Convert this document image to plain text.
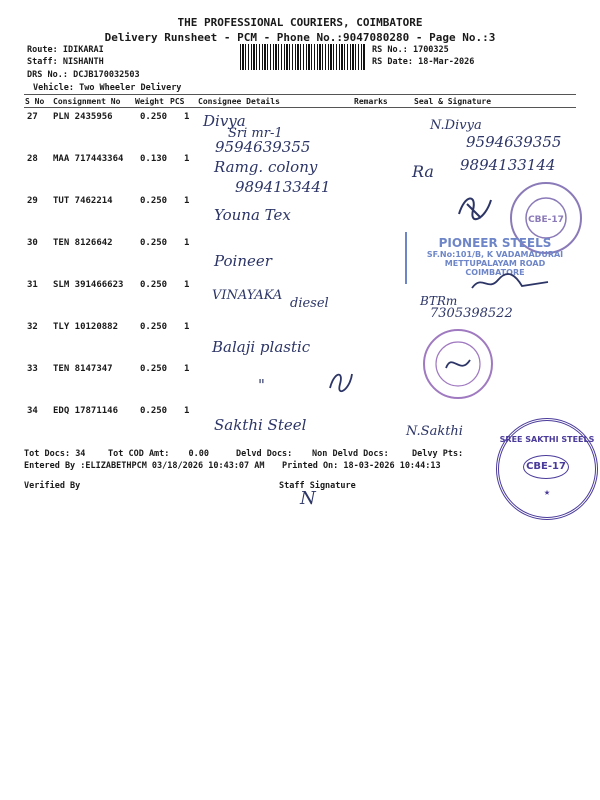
THE PROFESSIONAL COURIERS, COIMBATORE
Delivery Runsheet - PCM - Phone No.:9047080280 - Page No.:3
Route: IDIKARAI
Staff: NISHANTH
DRS No.: DCJB170032503
Vehicle: Two Wheeler Delivery
RS No.: 1700325
RS Date: 18-Mar-2026
S No Consignment No Weight PCS Consignee Details	Remarks	Seal & Signature
27 PLN 2435956	0.250 1 Divya
Sri mr-1
9594639355
N.Divya
9594639355
28 MAA 717443364 0.130 1 Ramg. colony
9894133441
Ra 9894133144
29 TUT 7462214	0.250 1
Youna Tex	CBE-17
30 TEN 8126642	0.250 1
Poineer
PIONEER STEELS
SF.No:101/B, K VADAMADURAI
METTUPALAYAM ROAD
COIMBATORE
31 SLM 391466623 0.250 1
VINAYAKA
diesel	BTRm
7305398522
32 TLY 10120882 0.250 1
Balaji plastic
33 TEN 8147347	0.250 1
"
34 EDQ 17871146 0.250 1
Sakthi Steel	N.Sakthi
SREE SAKTHI STEELS
CBE-17
★
Tot Docs: 34	Tot COD Amt: 0.00	Delvd Docs: Non Delvd Docs:	Delvy Pts:
Entered By :ELIZABETHPCM 03/18/2026 10:43:07 AM Printed On: 18-03-2026 10:44:13
Verified By	Staff Signature
N
